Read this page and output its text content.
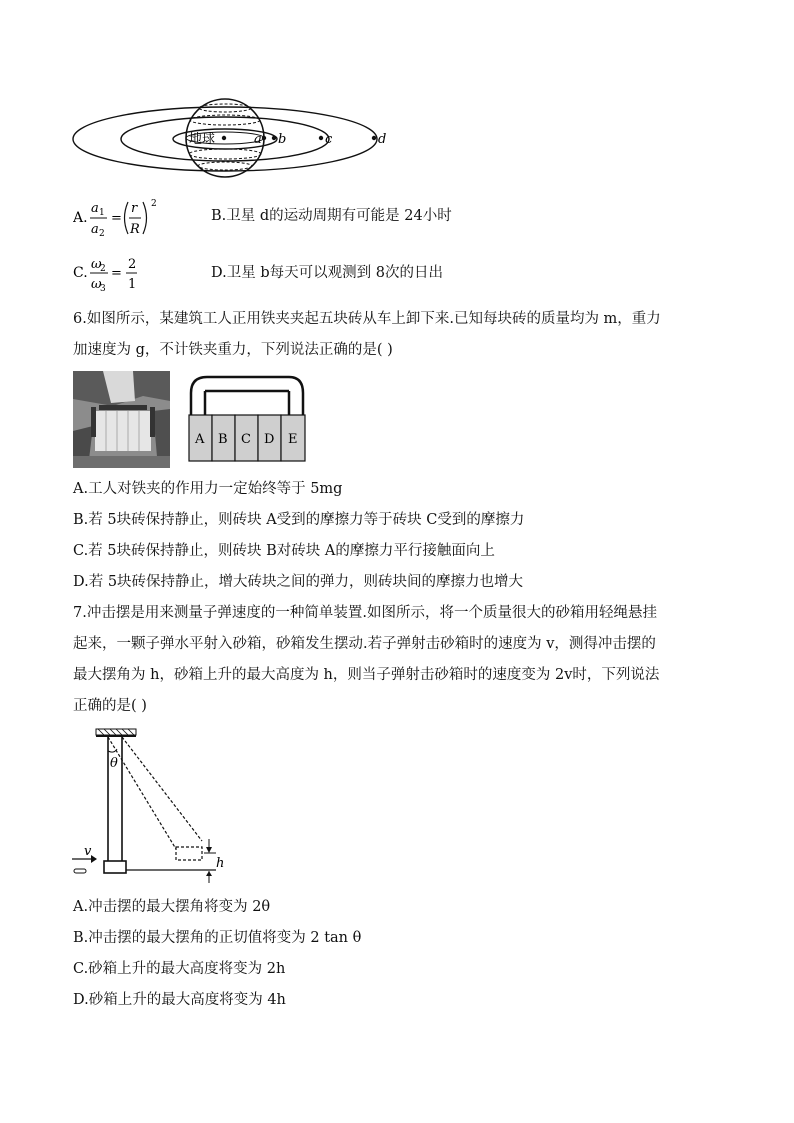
地球	a b	c	d
A.
a 1
a 2
=
r
R
2
B.卫星 d的运动周期有可能是 24小时
C.
ω
2
ω
3
=
2
1
D.卫星 b每天可以观测到 8次的日出
6.如图所示，某建筑工人正用铁夹夹起五块砖从车上卸下来.已知每块砖的质量均为 m，重力
加速度为 g，不计铁夹重力，下列说法正确的是( )
A B C D E
A.工人对铁夹的作用力一定始终等于 5mg
B.若 5块砖保持静止，则砖块 A受到的摩擦力等于砖块 C受到的摩擦力
C.若 5块砖保持静止，则砖块 B对砖块 A的摩擦力平行接触面向上
D.若 5块砖保持静止，增大砖块之间的弹力，则砖块间的摩擦力也增大
7.冲击摆是用来测量子弹速度的一种简单装置.如图所示，将一个质量很大的砂箱用轻绳悬挂
起来，一颗子弹水平射入砂箱，砂箱发生摆动.若子弹射击砂箱时的速度为 v，测得冲击摆的
最大摆角为 h，砂箱上升的最大高度为 h，则当子弹射击砂箱时的速度变为 2v时，下列说法
正确的是( )
θ
h
v
A.冲击摆的最大摆角将变为 2θ
B.冲击摆的最大摆角的正切值将变为 2 tan θ
C.砂箱上升的最大高度将变为 2h
D.砂箱上升的最大高度将变为 4h
